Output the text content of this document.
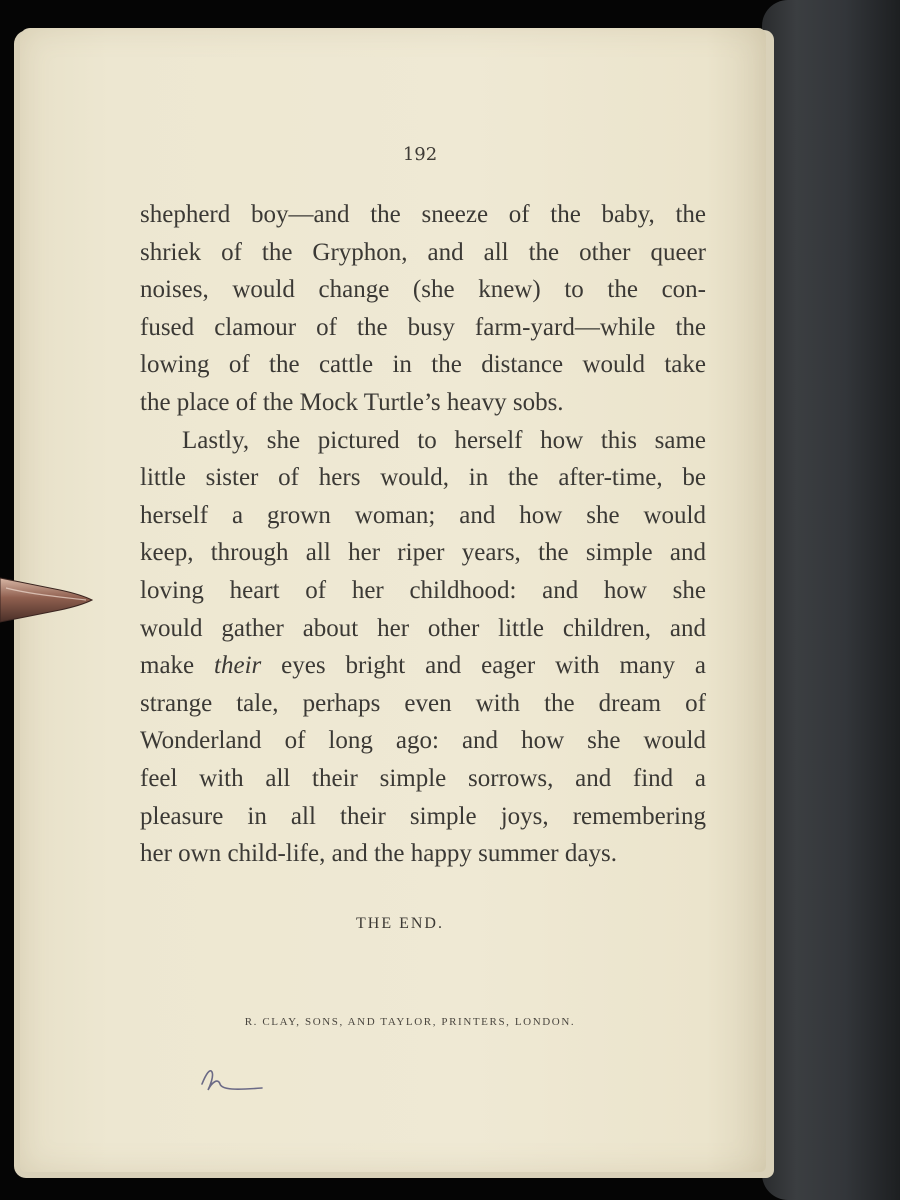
192
shepherd boy—and the sneeze of the baby, the
shriek of the Gryphon, and all the other queer
noises, would change (she knew) to the con-
fused clamour of the busy farm-yard—while the
lowing of the cattle in the distance would take
the place of the Mock Turtle’s heavy sobs.
Lastly, she pictured to herself how this same
little sister of hers would, in the after-time, be
herself a grown woman; and how she would
keep, through all her riper years, the simple and
loving heart of her childhood: and how she
would gather about her other little children, and
make their eyes bright and eager with many a
strange tale, perhaps even with the dream of
Wonderland of long ago: and how she would
feel with all their simple sorrows, and find a
pleasure in all their simple joys, remembering
her own child-life, and the happy summer days.
THE END.
R. CLAY, SONS, AND TAYLOR, PRINTERS, LONDON.
